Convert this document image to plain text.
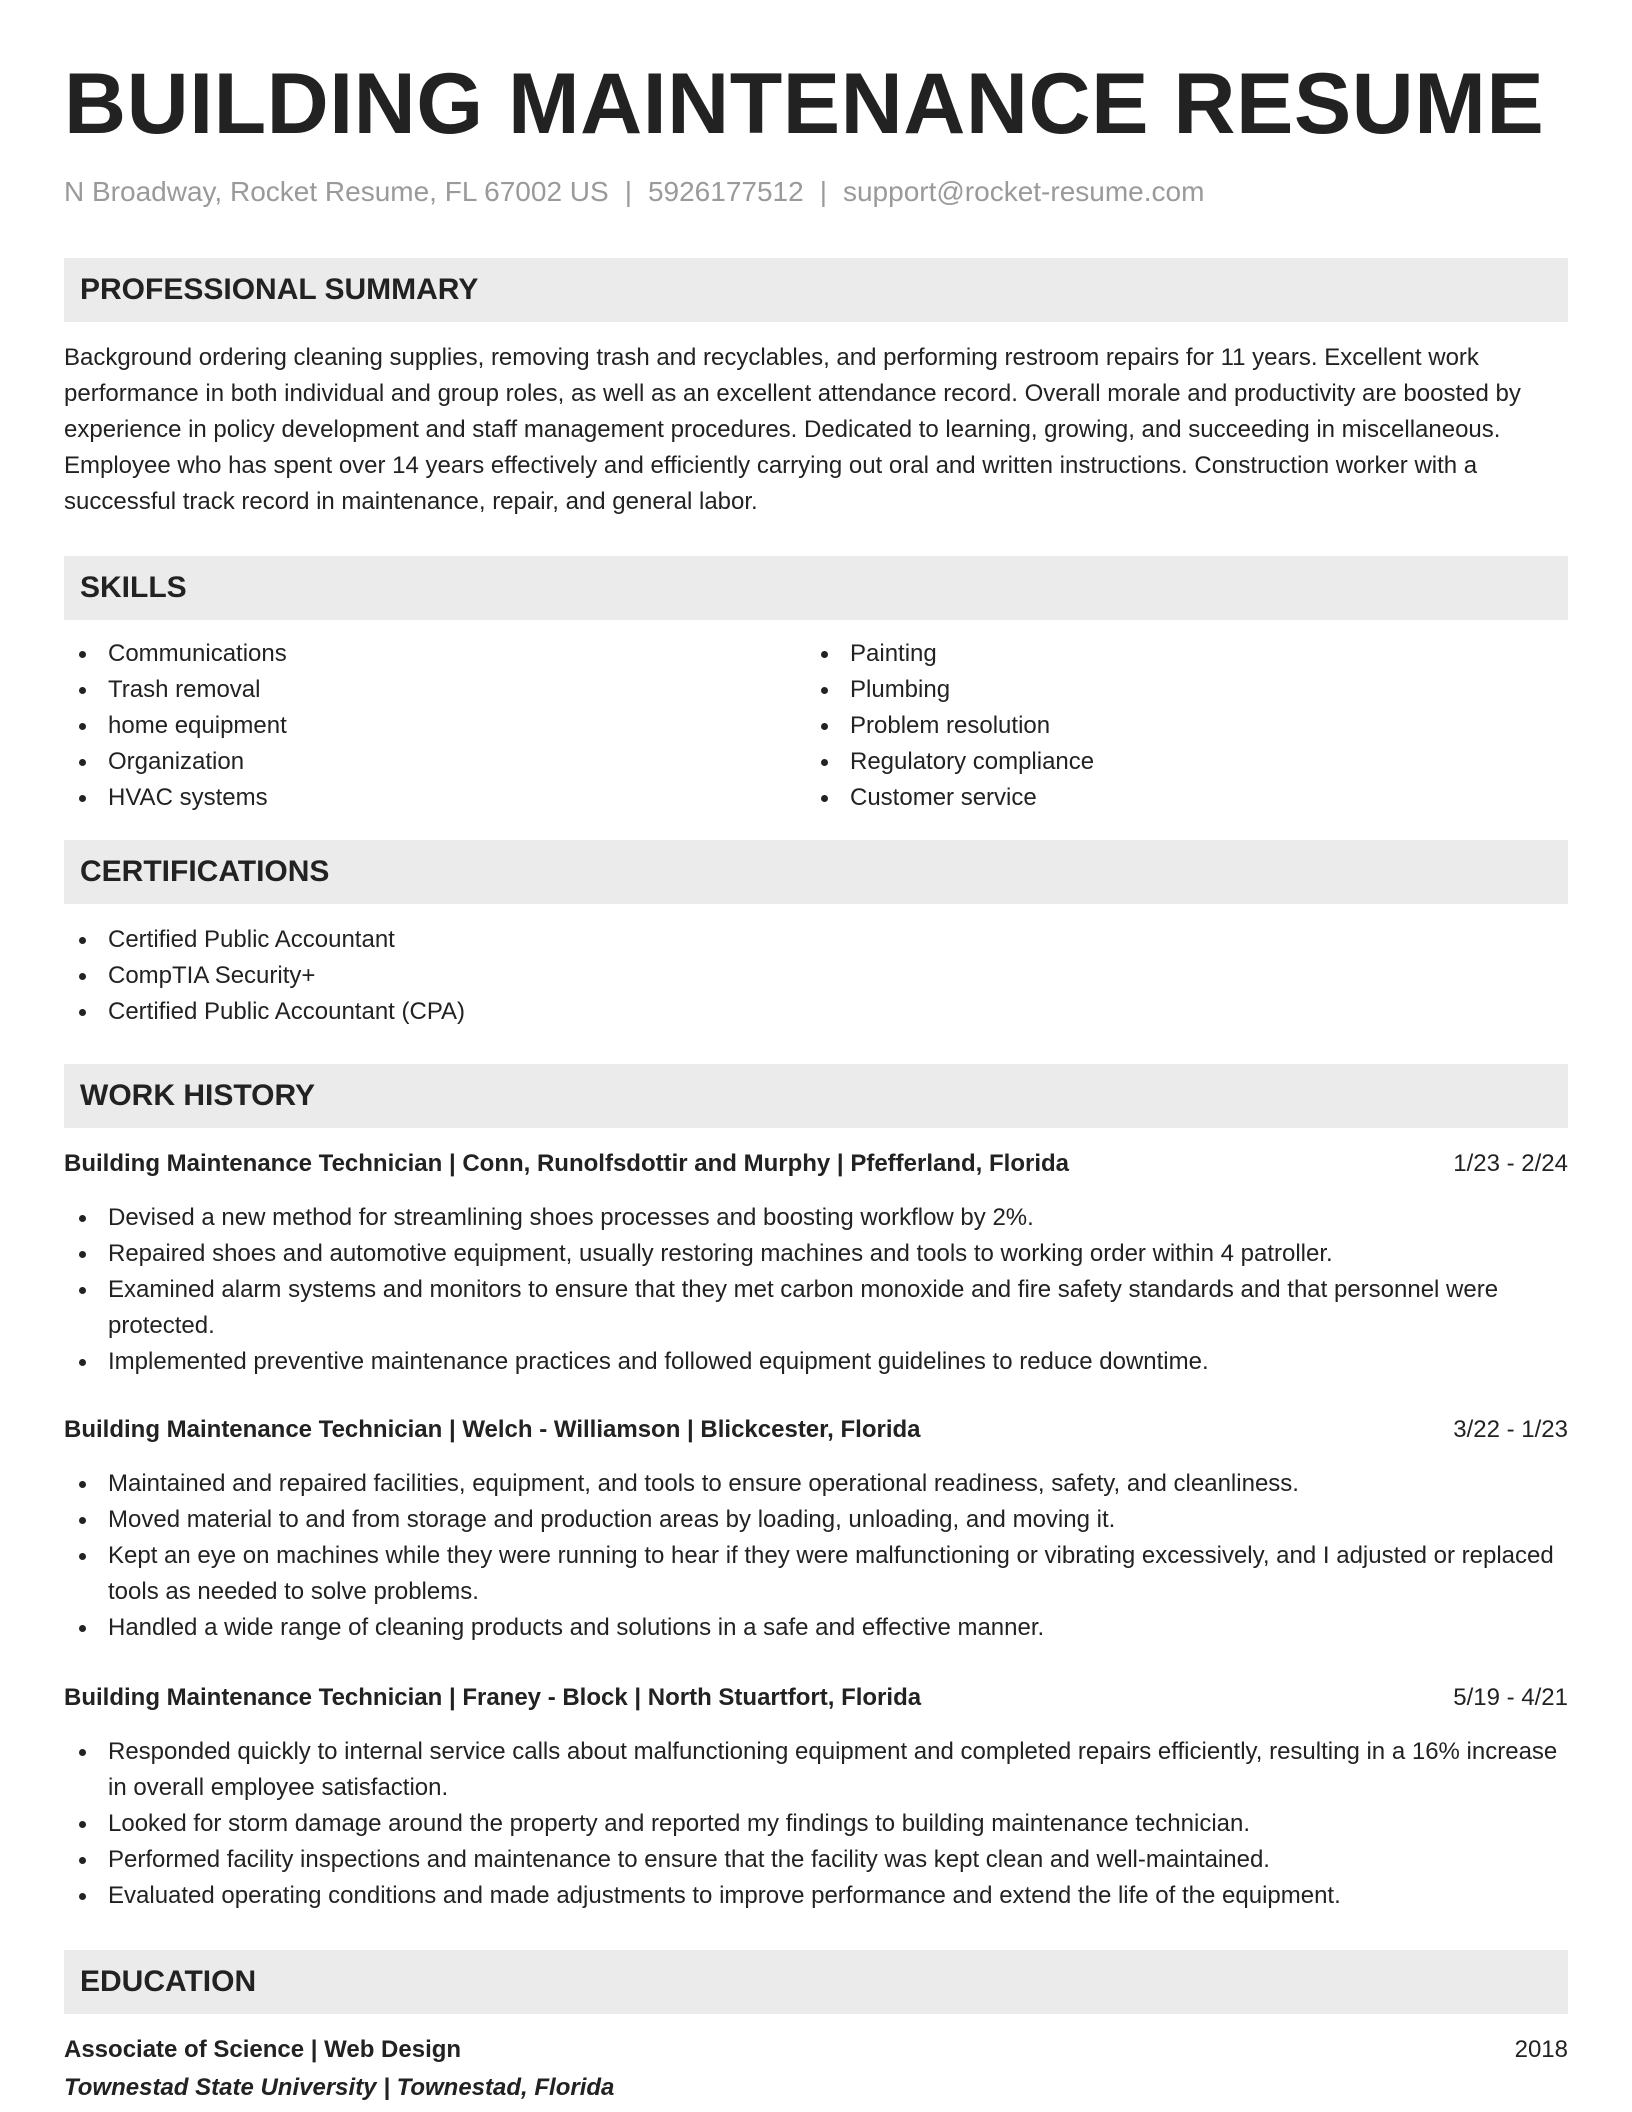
BUILDING MAINTENANCE RESUME
N Broadway, Rocket Resume, FL 67002 US | 5926177512 | support@rocket-resume.com
PROFESSIONAL SUMMARY

Background ordering cleaning supplies, removing trash and recyclables, and performing restroom repairs for 11 years. Excellent work performance in both individual and group roles, as well as an excellent attendance record. Overall morale and productivity are boosted by experience in policy development and staff management procedures. Dedicated to learning, growing, and succeeding in miscellaneous. Employee who has spent over 14 years effectively and efficiently carrying out oral and written instructions. Construction worker with a successful track record in maintenance, repair, and general labor.

SKILLS
Communications
Trash removal
home equipment
Organization
HVAC systems
Painting
Plumbing
Problem resolution
Regulatory compliance
Customer service
CERTIFICATIONS
Certified Public Accountant
CompTIA Security+
Certified Public Accountant (CPA)
WORK HISTORY
Building Maintenance Technician | Conn, Runolfsdottir and Murphy | Pfefferland, Florida	1/23 - 2/24
Devised a new method for streamlining shoes processes and boosting workflow by 2%.
Repaired shoes and automotive equipment, usually restoring machines and tools to working order within 4 patroller.
Examined alarm systems and monitors to ensure that they met carbon monoxide and fire safety standards and that personnel were protected.
Implemented preventive maintenance practices and followed equipment guidelines to reduce downtime.
Building Maintenance Technician | Welch - Williamson | Blickcester, Florida	3/22 - 1/23
Maintained and repaired facilities, equipment, and tools to ensure operational readiness, safety, and cleanliness.
Moved material to and from storage and production areas by loading, unloading, and moving it.
Kept an eye on machines while they were running to hear if they were malfunctioning or vibrating excessively, and I adjusted or replaced tools as needed to solve problems.
Handled a wide range of cleaning products and solutions in a safe and effective manner.
Building Maintenance Technician | Franey - Block | North Stuartfort, Florida	5/19 - 4/21
Responded quickly to internal service calls about malfunctioning equipment and completed repairs efficiently, resulting in a 16% increase in overall employee satisfaction.
Looked for storm damage around the property and reported my findings to building maintenance technician.
Performed facility inspections and maintenance to ensure that the facility was kept clean and well-maintained.
Evaluated operating conditions and made adjustments to improve performance and extend the life of the equipment.
EDUCATION
Associate of Science | Web Design	2018
Townestad State University | Townestad, Florida
